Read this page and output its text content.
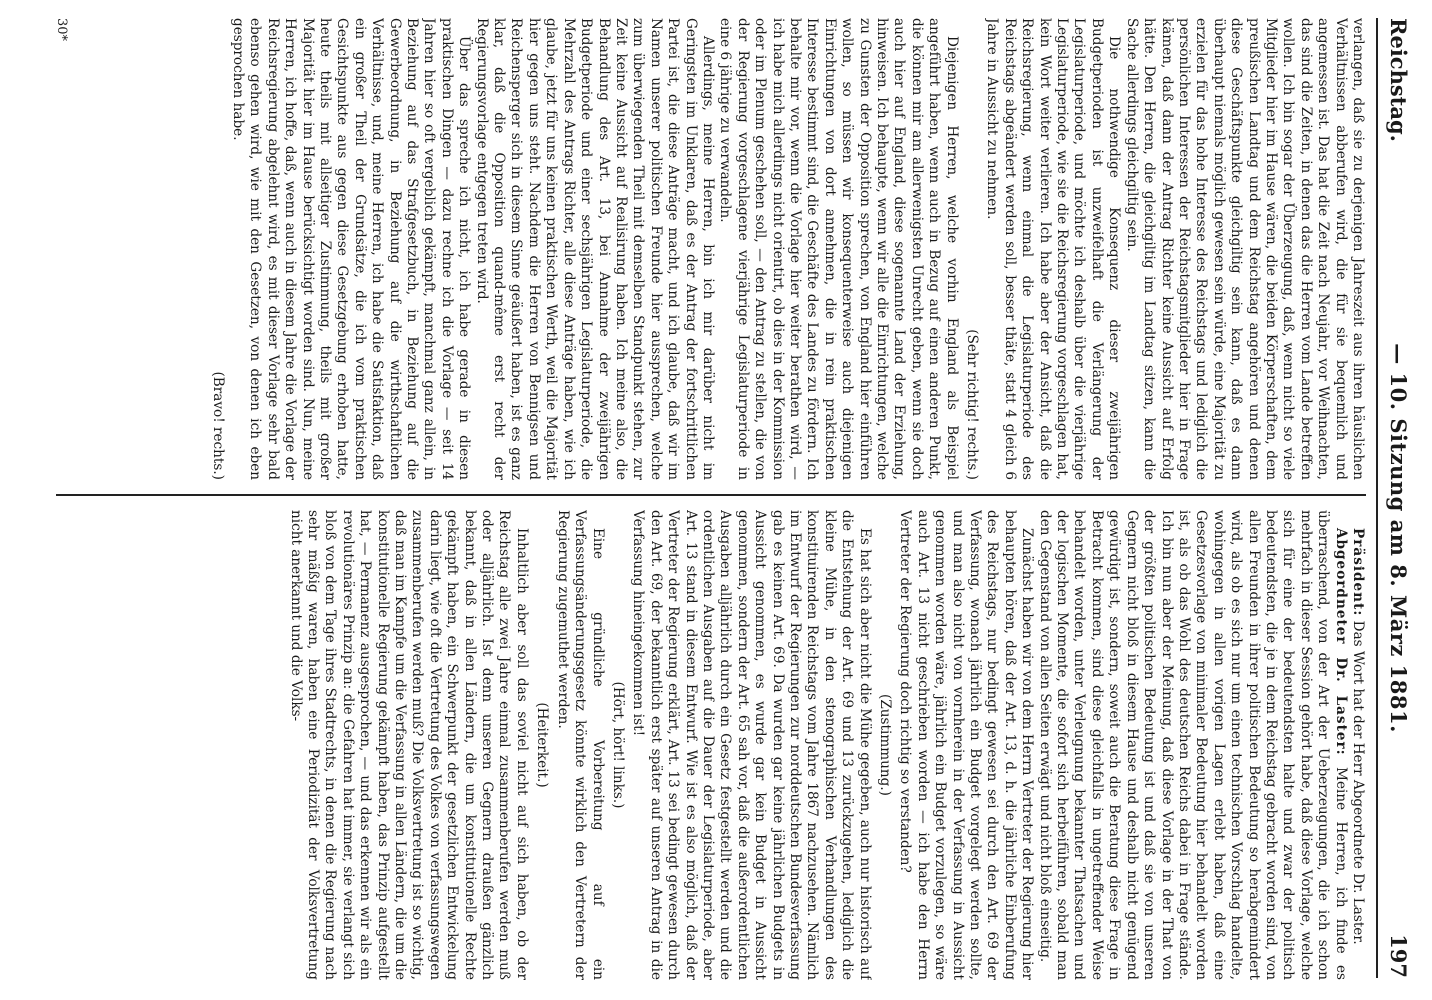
Reichstag.
— 10. Sitzung am 8. März 1881.
197

verlangen, daß sie zu derjenigen Jahreszeit aus ihren häuslichen Verhältnissen abberufen wird, die für sie bequemlich und angemessen ist. Das hat die Zeit nach Neujahr, vor Weihnachten, das sind die Zeiten, in denen das die Herren vom Lande betreffen wollen. Ich bin sogar der Überzeugung, daß, wenn nicht so viele Mitglieder hier im Hause wären, die beiden Körperschaften, dem preußischen Landtag und dem Reichstag angehören und denen diese Geschäftspunkte gleichgiltig sein kann, daß es dann überhaupt niemals möglich gewesen sein würde, eine Majorität zu erzielen für das hohe Interesse des Reichstags und lediglich die persönlichen Interessen der Reichstagsmitglieder hier in Frage kämen, daß dann der Antrag Richter keine Aussicht auf Erfolg hätte. Den Herren, die gleichgiltig im Landtag sitzen, kann die Sache allerdings gleichgiltig sein.

Die nothwendige Konsequenz dieser zweijährigen Budgetperioden ist unzweifelhaft die Verlängerung der Legislaturperiode, und möchte ich deshalb über die vierjährige Legislaturperiode, wie sie die Reichsregierung vorgeschlagen hat, kein Wort weiter verlieren. Ich habe aber der Ansicht, daß die Reichsregierung, wenn einmal die Legislaturperiode des Reichstags abgeändert werden soll, besser thäte, statt 4 gleich 6 Jahre in Aussicht zu nehmen.

(Sehr richtig! rechts.)

Diejenigen Herren, welche vorhin England als Beispiel angeführt haben, wenn auch in Bezug auf einen anderen Punkt, die können mir am allerwenigsten Unrecht geben, wenn sie doch auch hier auf England, diese sogenannte Land der Erziehung, hinweisen. Ich behaupte, wenn wir alle die Einrichtungen, welche zu Gunsten der Opposition sprechen, von England hier einführen wollen, so müssen wir konsequenterweise auch diejenigen Einrichtungen von dort annehmen, die in rein praktischen Interesse bestimmt sind, die Geschäfte des Landes zu fördern. Ich behalte mir vor, wenn die Vorlage hier weiter berathen wird, — ich habe mich allerdings nicht orientirt, ob dies in der Kommission oder im Plenum geschehen soll, — den Antrag zu stellen, die von der Regierung vorgeschlagene vierjährige Legislaturperiode in eine 6 jährige zu verwandeln.

Allerdings, meine Herren, bin ich mir darüber nicht im Geringsten im Unklaren, daß es der Antrag der fortschrittlichen Partei ist, die diese Anträge macht, und ich glaube, daß wir im Namen unserer politischen Freunde hier aussprechen, welche zum überwiegenden Theil mit demselben Standpunkt stehen, zur Zeit keine Aussicht auf Realisirung haben. Ich meine also, die Behandlung des Art. 13, bei Annahme der zweijährigen Budgetperiode und einer sechsjährigen Legislaturperiode, die Mehrzahl des Antrags Richter, alle diese Anträge haben, wie ich glaube, jetzt für uns keinen praktischen Werth, weil die Majorität hier gegen uns steht. Nachdem die Herren von Bennigsen und Reichensperger sich in diesem Sinne geäußert haben, ist es ganz klar, daß die Opposition quand-même erst recht der Regierungsvorlage entgegen treten wird.

Über das spreche ich nicht, ich habe gerade in diesen praktischen Dingen — dazu rechne ich die Vorlage — seit 14 Jahren hier so oft vergeblich gekämpft, manchmal ganz allein, in Beziehung auf das Strafgesetzbuch, in Beziehung auf die Gewerbeordnung, in Beziehung auf die wirthschaftlichen Verhältnisse, und, meine Herren, ich habe die Satisfaktion, daß ein großer Theil der Grundsätze, die ich vom praktischen Gesichtspunkte aus gegen diese Gesetzgebung erhoben hatte, heute theils mit allseitiger Zustimmung, theils mit großer Majorität hier im Hause berücksichtigt worden sind. Nun, meine Herren, ich hoffe, daß, wenn auch in diesem Jahre die Vorlage der Reichsregierung abgelehnt wird, es mit dieser Vorlage sehr bald ebenso gehen wird, wie mit den Gesetzen, von denen ich eben gesprochen habe.

(Bravo! rechts.)

Präsident: Das Wort hat der Herr Abgeordnete Dr. Laster.

Abgeordneter Dr. Laster: Meine Herren, ich finde es überraschend, von der Art der Ueberzeugungen, die ich schon mehrfach in dieser Session gehört habe, daß diese Vorlage, welche sich für eine der bedeutendsten halte und zwar der politisch bedeutendsten, die je in dem Reichstag gebracht worden sind, von allen Freunden in ihrer politischen Bedeutung so herabgemindert wird, als ob es sich nur um einen technischen Vorschlag handelte, wohingegen in allen vorigen Lagen erlebt haben, daß eine Gesetzesvorlage von minimaler Bedeutung hier behandelt worden ist, als ob das Wohl des deutschen Reichs dabei in Frage stände. Ich bin nun aber der Meinung, daß diese Vorlage in der That von der größten politischen Bedeutung ist und daß sie von unseren Gegnern nicht bloß in diesem Hause und deshalb nicht genügend gewürdigt ist, sondern, soweit auch die Beratung diese Frage in Betracht kommen, sind diese gleichfalls in ungetreffender Weise behandelt worden, unter Verleugnung bekannter Thatsachen und der logischen Momente, die sofort sich herbeiführen, sobald man den Gegenstand von allen Seiten erwägt und nicht bloß einseitig.

Zunächst haben wir von dem Herrn Vertreter der Regierung hier behaupten hören, daß der Art. 13, d. h. die jährliche Einberufung des Reichstags, nur bedingt gewesen sei durch den Art. 69 der Verfassung, wonach jährlich ein Budget vorgelegt werden sollte, und man also nicht von vornherein in der Verfassung in Aussicht genommen worden wäre, jährlich ein Budget vorzulegen, so wäre auch Art. 13 nicht geschrieben worden — ich habe den Herrn Vertreter der Regierung doch richtig so verstanden?

(Zustimmung.)

Es hat sich aber nicht die Mühe gegeben, auch nur historisch auf die Entstehung der Art. 69 und 13 zurückzugehen, lediglich die kleine Mühe, in den stenographischen Verhandlungen des konstituirenden Reichstags vom Jahre 1867 nachzusehen. Nämlich im Entwurf der Regierungen zur norddeutschen Bundesverfassung gab es keinen Art. 69. Da wurden gar keine jährlichen Budgets in Aussicht genommen, es wurde gar kein Budget in Aussicht genommen, sondern der Art. 65 sah vor, daß die außerordentlichen Ausgaben alljährlich durch ein Gesetz festgestellt werden und die ordentlichen Ausgaben auf die Dauer der Legislaturperiode, aber Art. 13 stand in diesem Entwurf. Wie ist es also möglich, daß der Vertreter der Regierung erklärt, Art. 13 sei bedingt gewesen durch den Art. 69, der bekanntlich erst später auf unseren Antrag in die Verfassung hineingekommen ist!

(Hört, hört! links.)

Eine gründliche Vorbereitung auf ein Verfassungsänderungsgesetz könnte wirklich den Vertretern der Regierung zugemuthet werden.

(Heiterkeit.)

Inhaltlich aber soll das soviel nicht auf sich haben, ob der Reichstag alle zwei Jahre einmal zusammenberufen werden muß oder alljährlich. Ist denn unseren Gegnern draußen gänzlich bekannt, daß in allen Ländern, die um konstitutionelle Rechte gekämpft haben, ein Schwerpunkt der gesetzlichen Entwickelung darin liegt, wie oft die Vertretung des Volkes von verfassungswegen zusammenberufen werden muß? Die Volksvertretung ist so wichtig, daß man im Kampfe um die Verfassung in allen Ländern, die um die konstitutionelle Regierung gekämpft haben, das Prinzip aufgestellt hat, — Permanenz ausgesprochen, — und das erkennen wir als ein revolutionäres Prinzip an: die Gefahren hat immer, sie verlangt sich bloß von dem Tage ihres Stadtrechts, in denen die Regierung nach sehr mäßig waren, haben eine Periodizität der Volksvertretung nicht anerkannt und die Volks-

30*
